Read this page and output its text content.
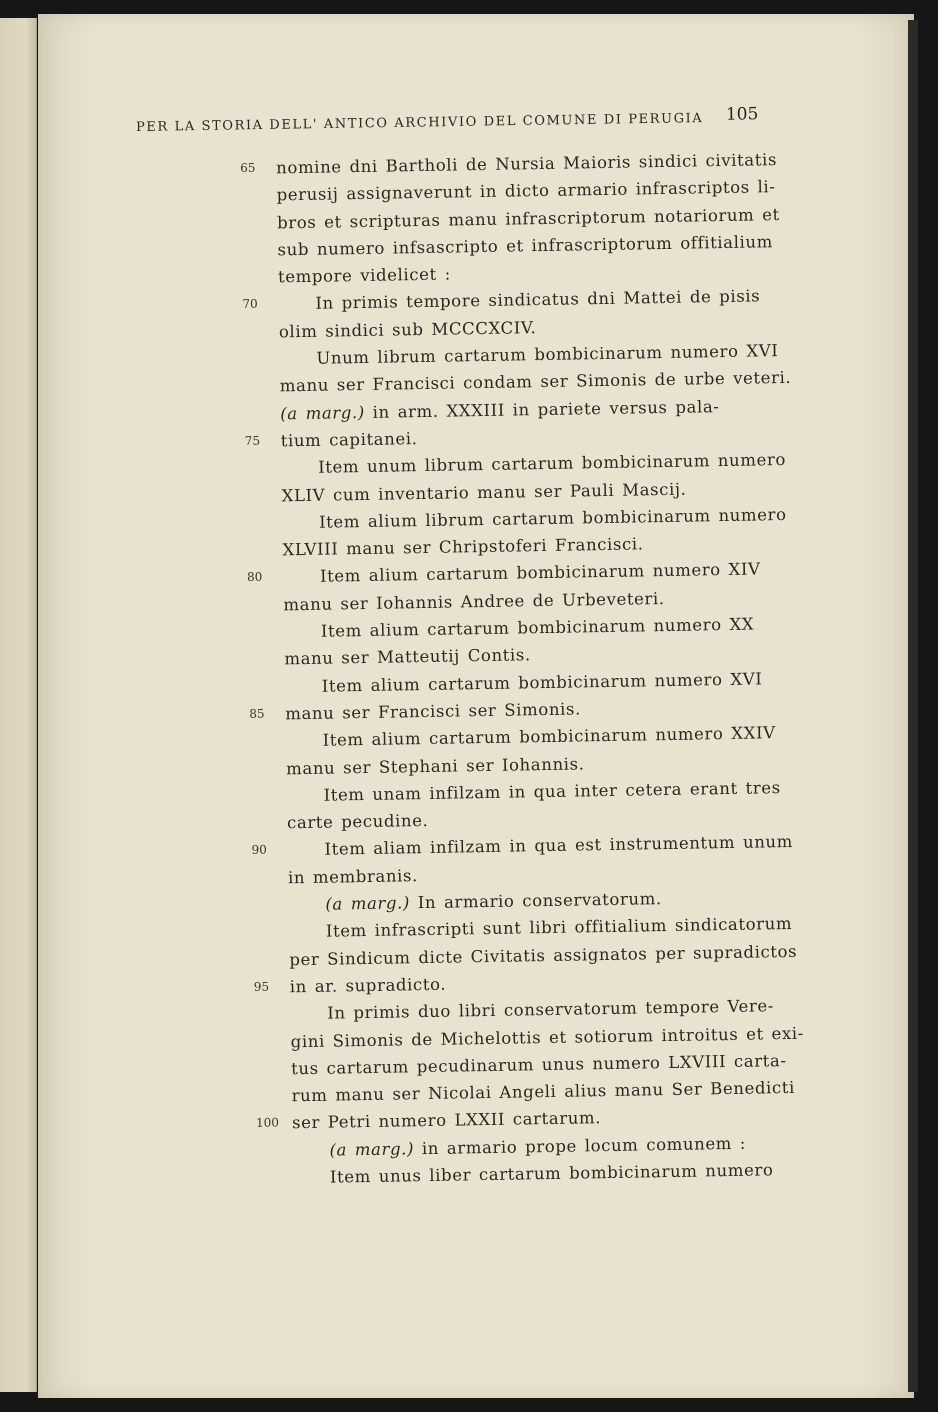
PER LA STORIA DELL' ANTICO ARCHIVIO DEL COMUNE DI PERUGIA 105
65	nomine dni Bartholi de Nursia Maioris sindici civitatis
perusij assignaverunt in dicto armario infrascriptos li-
bros et scripturas manu infrascriptorum notariorum et
sub numero infsascripto et infrascriptorum offitialium
tempore videlicet :
70	In primis tempore sindicatus dni Mattei de pisis
olim sindici sub MCCCXCIV.
Unum librum cartarum bombicinarum numero XVI
manu ser Francisci condam ser Simonis de urbe veteri.
(a marg.) in arm. XXXIII in pariete versus pala-
75	tium capitanei.
Item unum librum cartarum bombicinarum numero
XLIV cum inventario manu ser Pauli Mascij.
Item alium librum cartarum bombicinarum numero
XLVIII manu ser Chripstoferi Francisci.
80	Item alium cartarum bombicinarum numero XIV
manu ser Iohannis Andree de Urbeveteri.
Item alium cartarum bombicinarum numero XX
manu ser Matteutij Contis.
Item alium cartarum bombicinarum numero XVI
85	manu ser Francisci ser Simonis.
Item alium cartarum bombicinarum numero XXIV
manu ser Stephani ser Iohannis.
Item unam infilzam in qua inter cetera erant tres
carte pecudine.
90	Item aliam infilzam in qua est instrumentum unum
in membranis.
(a marg.) In armario conservatorum.
Item infrascripti sunt libri offitialium sindicatorum
per Sindicum dicte Civitatis assignatos per supradictos
95	in ar. supradicto.
In primis duo libri conservatorum tempore Vere-
gini Simonis de Michelottis et sotiorum introitus et exi-
tus cartarum pecudinarum unus numero LXVIII carta-
rum manu ser Nicolai Angeli alius manu Ser Benedicti
100 ser Petri numero LXXII cartarum.
(a marg.) in armario prope locum comunem :
Item unus liber cartarum bombicinarum numero
